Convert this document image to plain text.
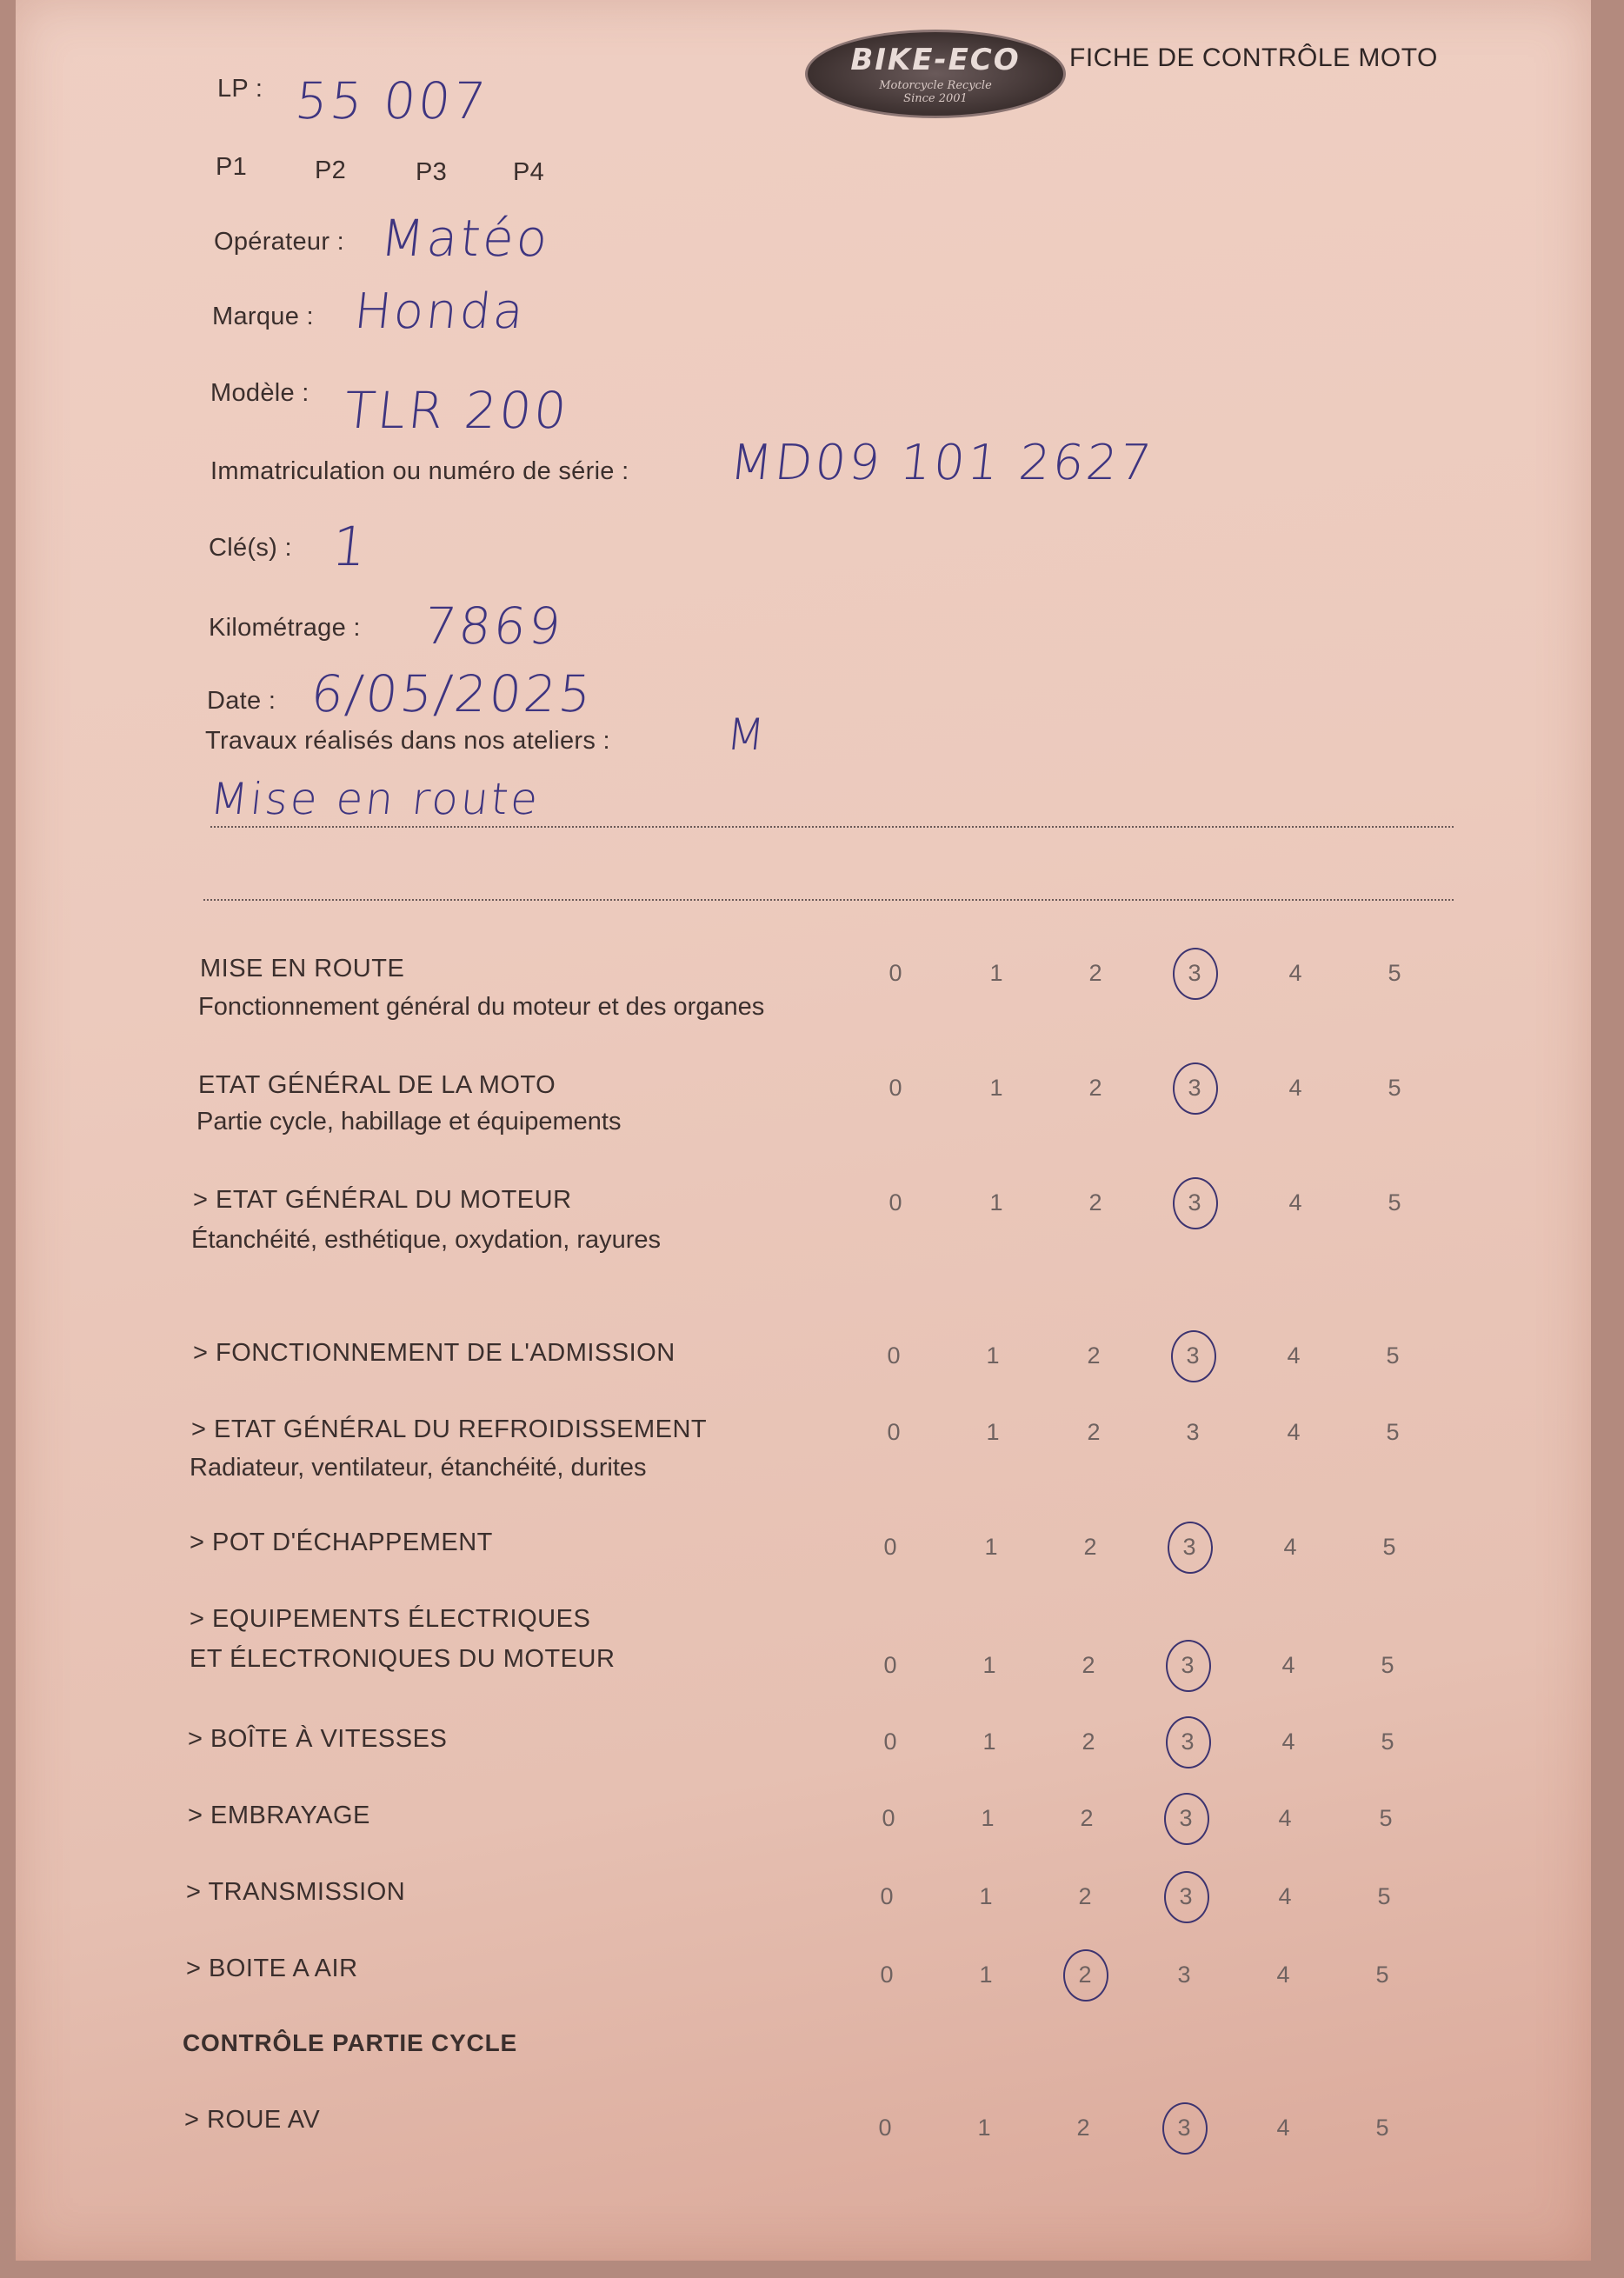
BIKE-ECO
Motorcycle Recycle
Since 2001
FICHE DE CONTRÔLE MOTO
LP : 55 007
P1	P2	P3	P4
Opérateur : Matéo
Marque : Honda
Modèle : TLR 200
Immatriculation ou numéro de série : MD09 101 2627
Clé(s) : 1
Kilométrage : 7869
Date : 6/05/2025
Travaux réalisés dans nos ateliers :	M
Mise en route
CONTRÔLE PARTIE CYCLE
MISE EN ROUTE
Fonctionnement général du moteur et des organes
0	1	2	3	4	5
ETAT GÉNÉRAL DE LA MOTO
Partie cycle, habillage et équipements
0	1	2	3	4	5
> ETAT GÉNÉRAL DU MOTEUR
Étanchéité, esthétique, oxydation, rayures
0	1	2	3	4	5
> FONCTIONNEMENT DE L'ADMISSION	0	1	2	3	4	5
> ETAT GÉNÉRAL DU REFROIDISSEMENT
Radiateur, ventilateur, étanchéité, durites
0	1	2	3	4	5
> POT D'ÉCHAPPEMENT	0	1	2	3	4	5
> EQUIPEMENTS ÉLECTRIQUES
ET ÉLECTRONIQUES DU MOTEUR	0	1	2	3	4	5
> BOÎTE À VITESSES	0	1	2	3	4	5
> EMBRAYAGE	0	1	2	3	4	5
> TRANSMISSION	0	1	2	3	4	5
> BOITE A AIR	0	1	2	3	4	5
> ROUE AV	0	1	2	3	4	5
